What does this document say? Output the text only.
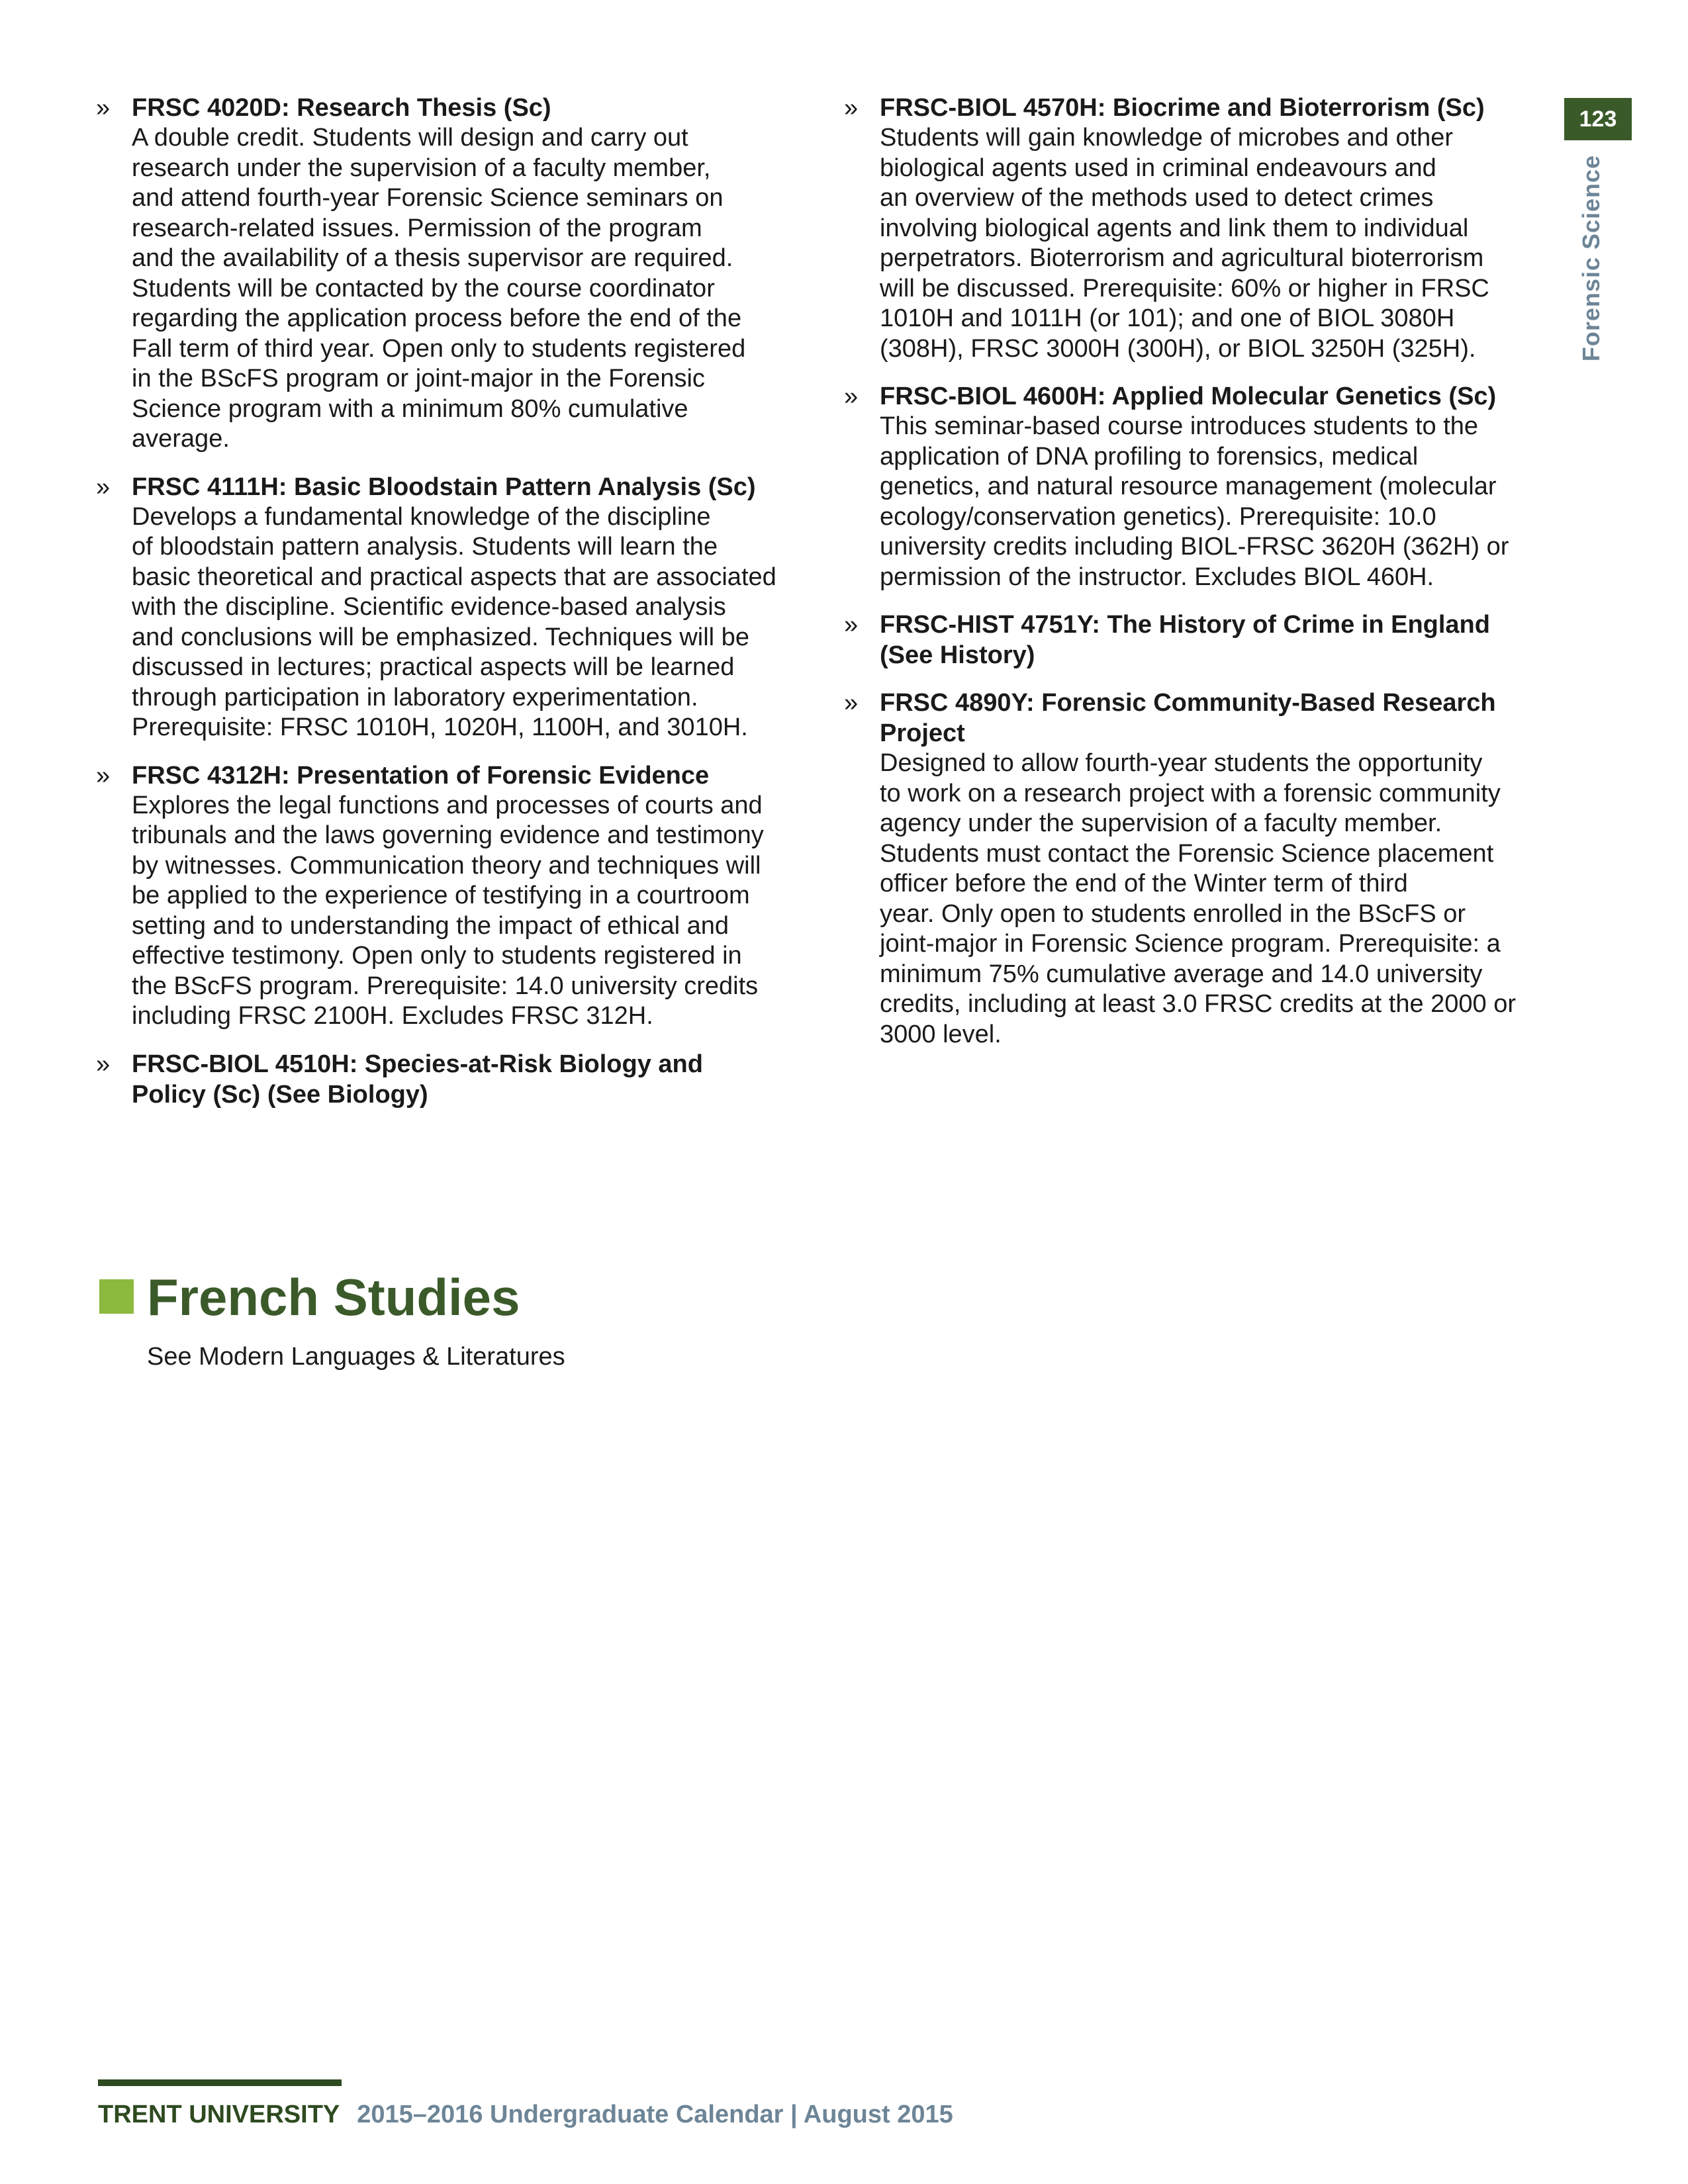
123
Forensic Science
» FRSC 4020D: Research Thesis (Sc)
A double credit. Students will design and carry out
research under the supervision of a faculty member,
and attend fourth-year Forensic Science seminars on
research-related issues. Permission of the program
and the availability of a thesis supervisor are required.
Students will be contacted by the course coordinator
regarding the application process before the end of the
Fall term of third year. Open only to students registered
in the BScFS program or joint-major in the Forensic
Science program with a minimum 80% cumulative
average.
» FRSC 4111H: Basic Bloodstain Pattern Analysis (Sc)
Develops a fundamental knowledge of the discipline
of bloodstain pattern analysis. Students will learn the
basic theoretical and practical aspects that are associated
with the discipline. Scientific evidence-based analysis
and conclusions will be emphasized. Techniques will be
discussed in lectures; practical aspects will be learned
through participation in laboratory experimentation.
Prerequisite: FRSC 1010H, 1020H, 1100H, and 3010H.
» FRSC 4312H: Presentation of Forensic Evidence
Explores the legal functions and processes of courts and
tribunals and the laws governing evidence and testimony
by witnesses. Communication theory and techniques will
be applied to the experience of testifying in a courtroom
setting and to understanding the impact of ethical and
effective testimony. Open only to students registered in
the BScFS program. Prerequisite: 14.0 university credits
including FRSC 2100H. Excludes FRSC 312H.
» FRSC-BIOL 4510H: Species-at-Risk Biology and
Policy (Sc) (See Biology)
» FRSC-BIOL 4570H: Biocrime and Bioterrorism (Sc)
Students will gain knowledge of microbes and other
biological agents used in criminal endeavours and
an overview of the methods used to detect crimes
involving biological agents and link them to individual
perpetrators. Bioterrorism and agricultural bioterrorism
will be discussed. Prerequisite: 60% or higher in FRSC
1010H and 1011H (or 101); and one of BIOL 3080H
(308H), FRSC 3000H (300H), or BIOL 3250H (325H).
» FRSC-BIOL 4600H: Applied Molecular Genetics (Sc)
This seminar-based course introduces students to the
application of DNA profiling to forensics, medical
genetics, and natural resource management (molecular
ecology/conservation genetics). Prerequisite: 10.0
university credits including BIOL-FRSC 3620H (362H) or
permission of the instructor. Excludes BIOL 460H.
» FRSC-HIST 4751Y: The History of Crime in England
(See History)
» FRSC 4890Y: Forensic Community-Based Research
Project
Designed to allow fourth-year students the opportunity
to work on a research project with a forensic community
agency under the supervision of a faculty member.
Students must contact the Forensic Science placement
officer before the end of the Winter term of third
year. Only open to students enrolled in the BScFS or
joint-major in Forensic Science program. Prerequisite: a
minimum 75% cumulative average and 14.0 university
credits, including at least 3.0 FRSC credits at the 2000 or
3000 level.
French Studies
See Modern Languages & Literatures
TRENT UNIVERSITY 2015–2016 Undergraduate Calendar | August 2015
